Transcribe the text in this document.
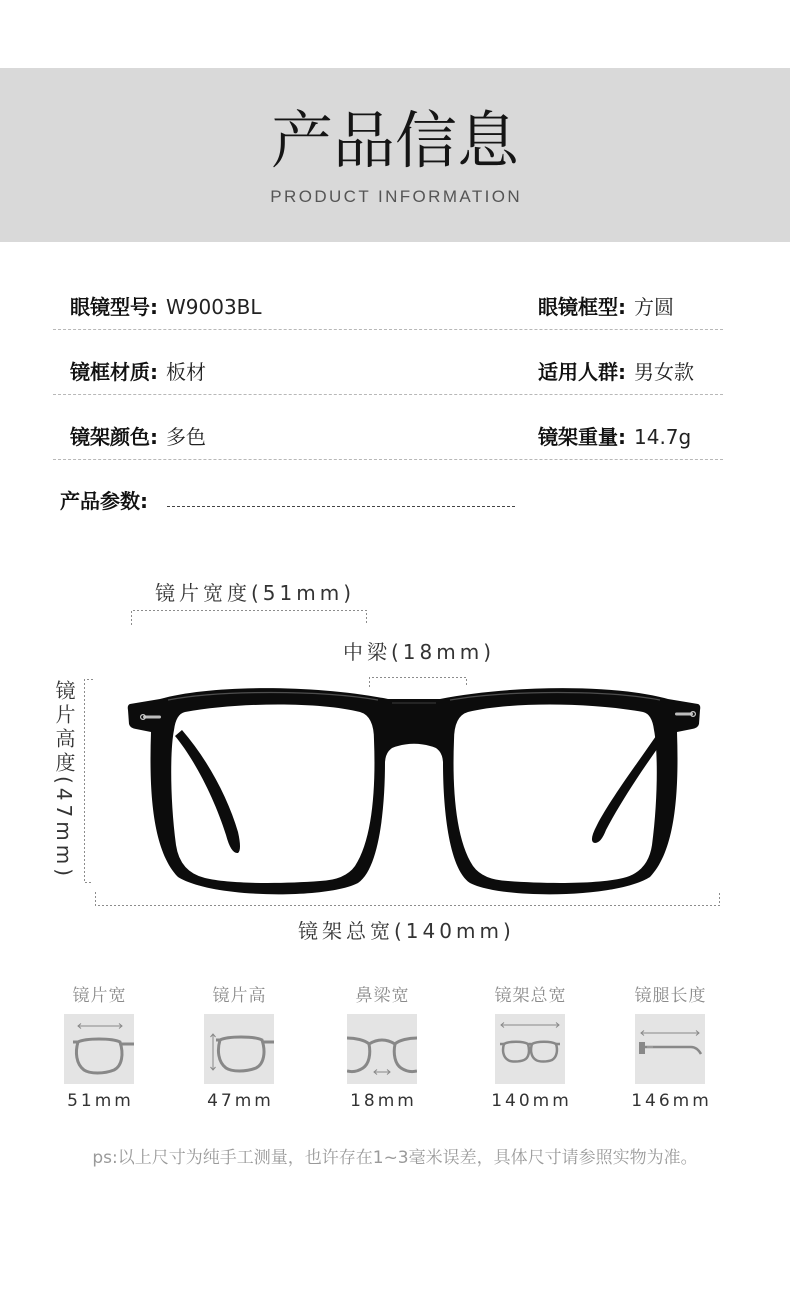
产品信息
PRODUCT INFORMATION
眼镜型号: W9003BL	眼镜框型: 方圆
镜框材质: 板材	适用人群: 男女款
镜架颜色: 多色	镜架重量: 14.7g
产品参数:
镜片宽度(51mm)
中梁(18mm)
镜片高度(47mm)
镜架总宽(140mm)
镜片宽
51mm
镜片高
47mm
鼻梁宽
18mm
镜架总宽
140mm
镜腿长度
146mm
ps:以上尺寸为纯手工测量，也许存在1~3毫米误差，具体尺寸请参照实物为准。
